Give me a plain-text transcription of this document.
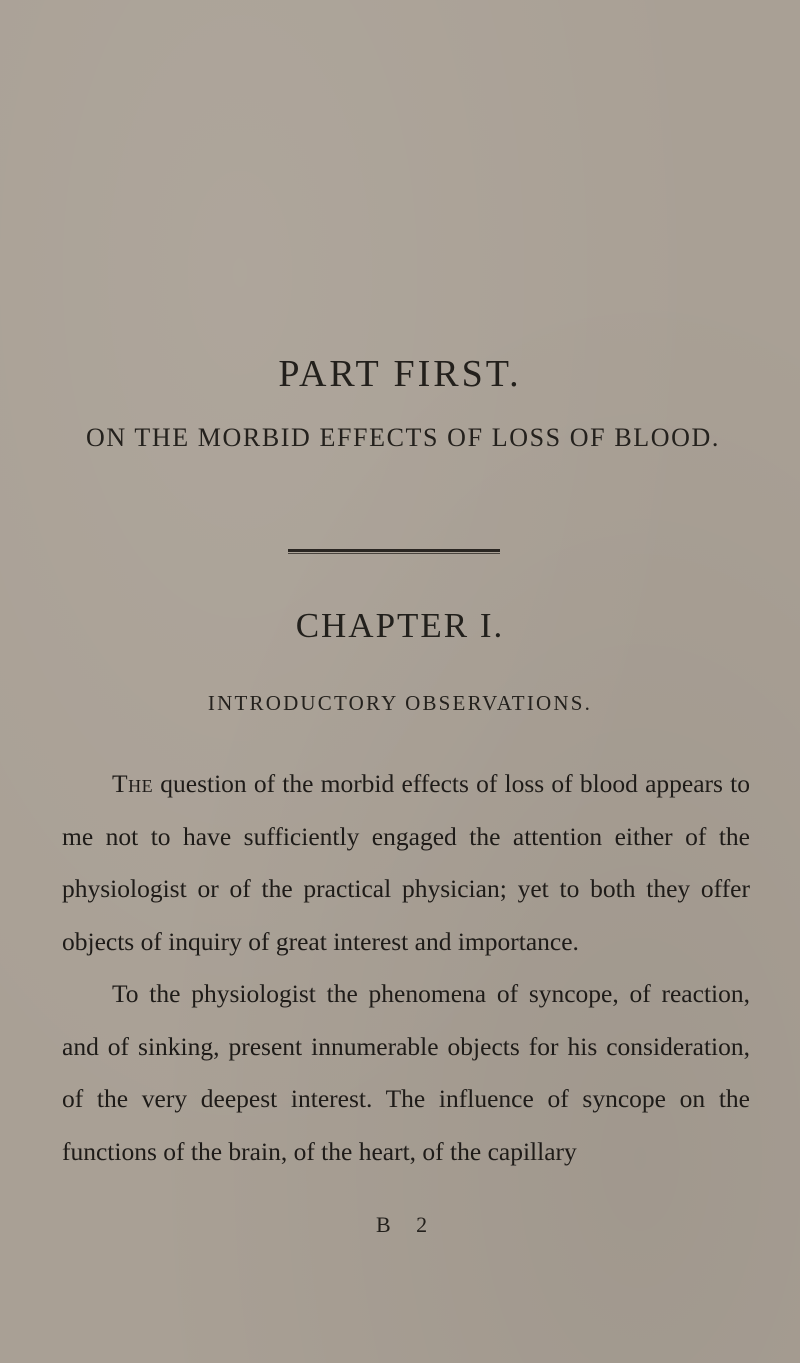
PART FIRST.
ON THE MORBID EFFECTS OF LOSS OF BLOOD.
CHAPTER I.
INTRODUCTORY OBSERVATIONS.

The question of the morbid effects of loss of blood appears to me not to have sufficiently engaged the attention either of the physiologist or of the practical physician; yet to both they offer objects of inquiry of great interest and importance.

To the physiologist the phenomena of syncope, of reaction, and of sinking, present innumerable objects for his consideration, of the very deepest interest. The influence of syncope on the functions of the brain, of the heart, of the capillary

B 2
